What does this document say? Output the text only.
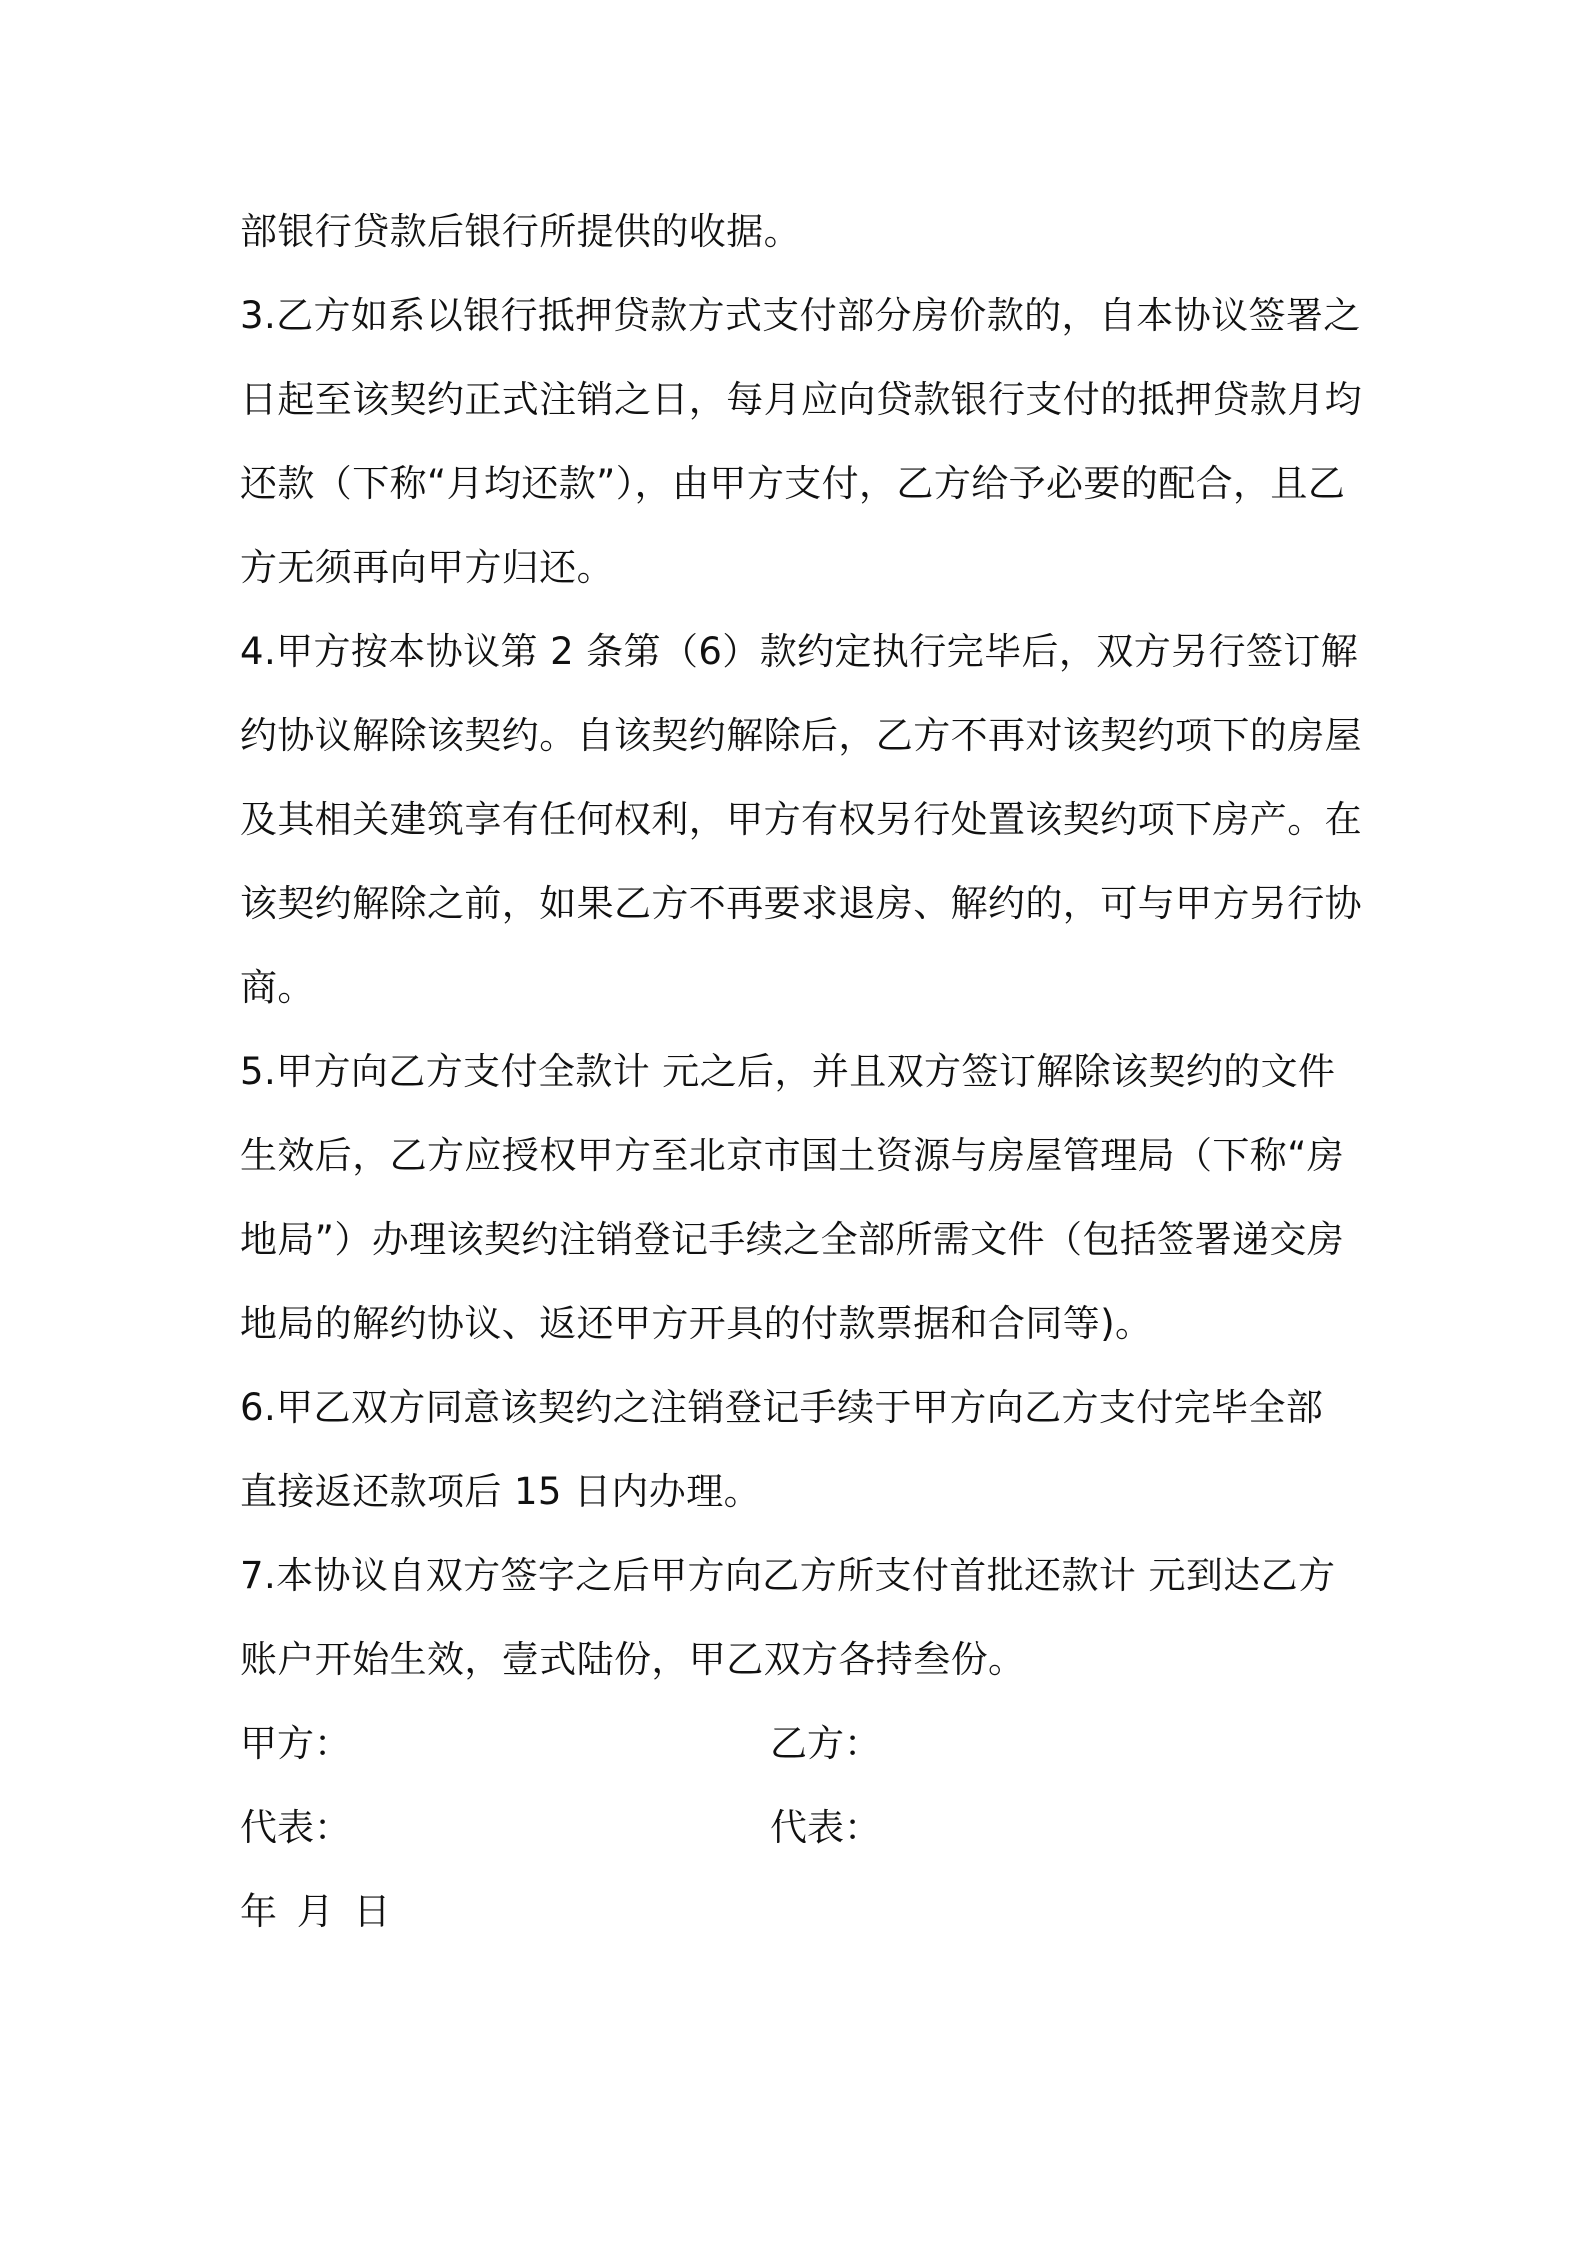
部银行贷款后银行所提供的收据。
3.乙方如系以银行抵押贷款方式支付部分房价款的，自本协议签署之
日起至该契约正式注销之日，每月应向贷款银行支付的抵押贷款月均
还款（下称“月均还款”），由甲方支付，乙方给予必要的配合，且乙
方无须再向甲方归还。
4.甲方按本协议第 2 条第（6）款约定执行完毕后，双方另行签订解
约协议解除该契约。自该契约解除后，乙方不再对该契约项下的房屋
及其相关建筑享有任何权利，甲方有权另行处置该契约项下房产。在
该契约解除之前，如果乙方不再要求退房、解约的，可与甲方另行协
商。
5.甲方向乙方支付全款计 元之后，并且双方签订解除该契约的文件
生效后，乙方应授权甲方至北京市国土资源与房屋管理局（下称“房
地局”）办理该契约注销登记手续之全部所需文件（包括签署递交房
地局的解约协议、返还甲方开具的付款票据和合同等)。
6.甲乙双方同意该契约之注销登记手续于甲方向乙方支付完毕全部
直接返还款项后 15 日内办理。
7.本协议自双方签字之后甲方向乙方所支付首批还款计 元到达乙方
账户开始生效，壹式陆份，甲乙双方各持叁份。
甲方：	乙方：
代表：	代表：
年 月 日
